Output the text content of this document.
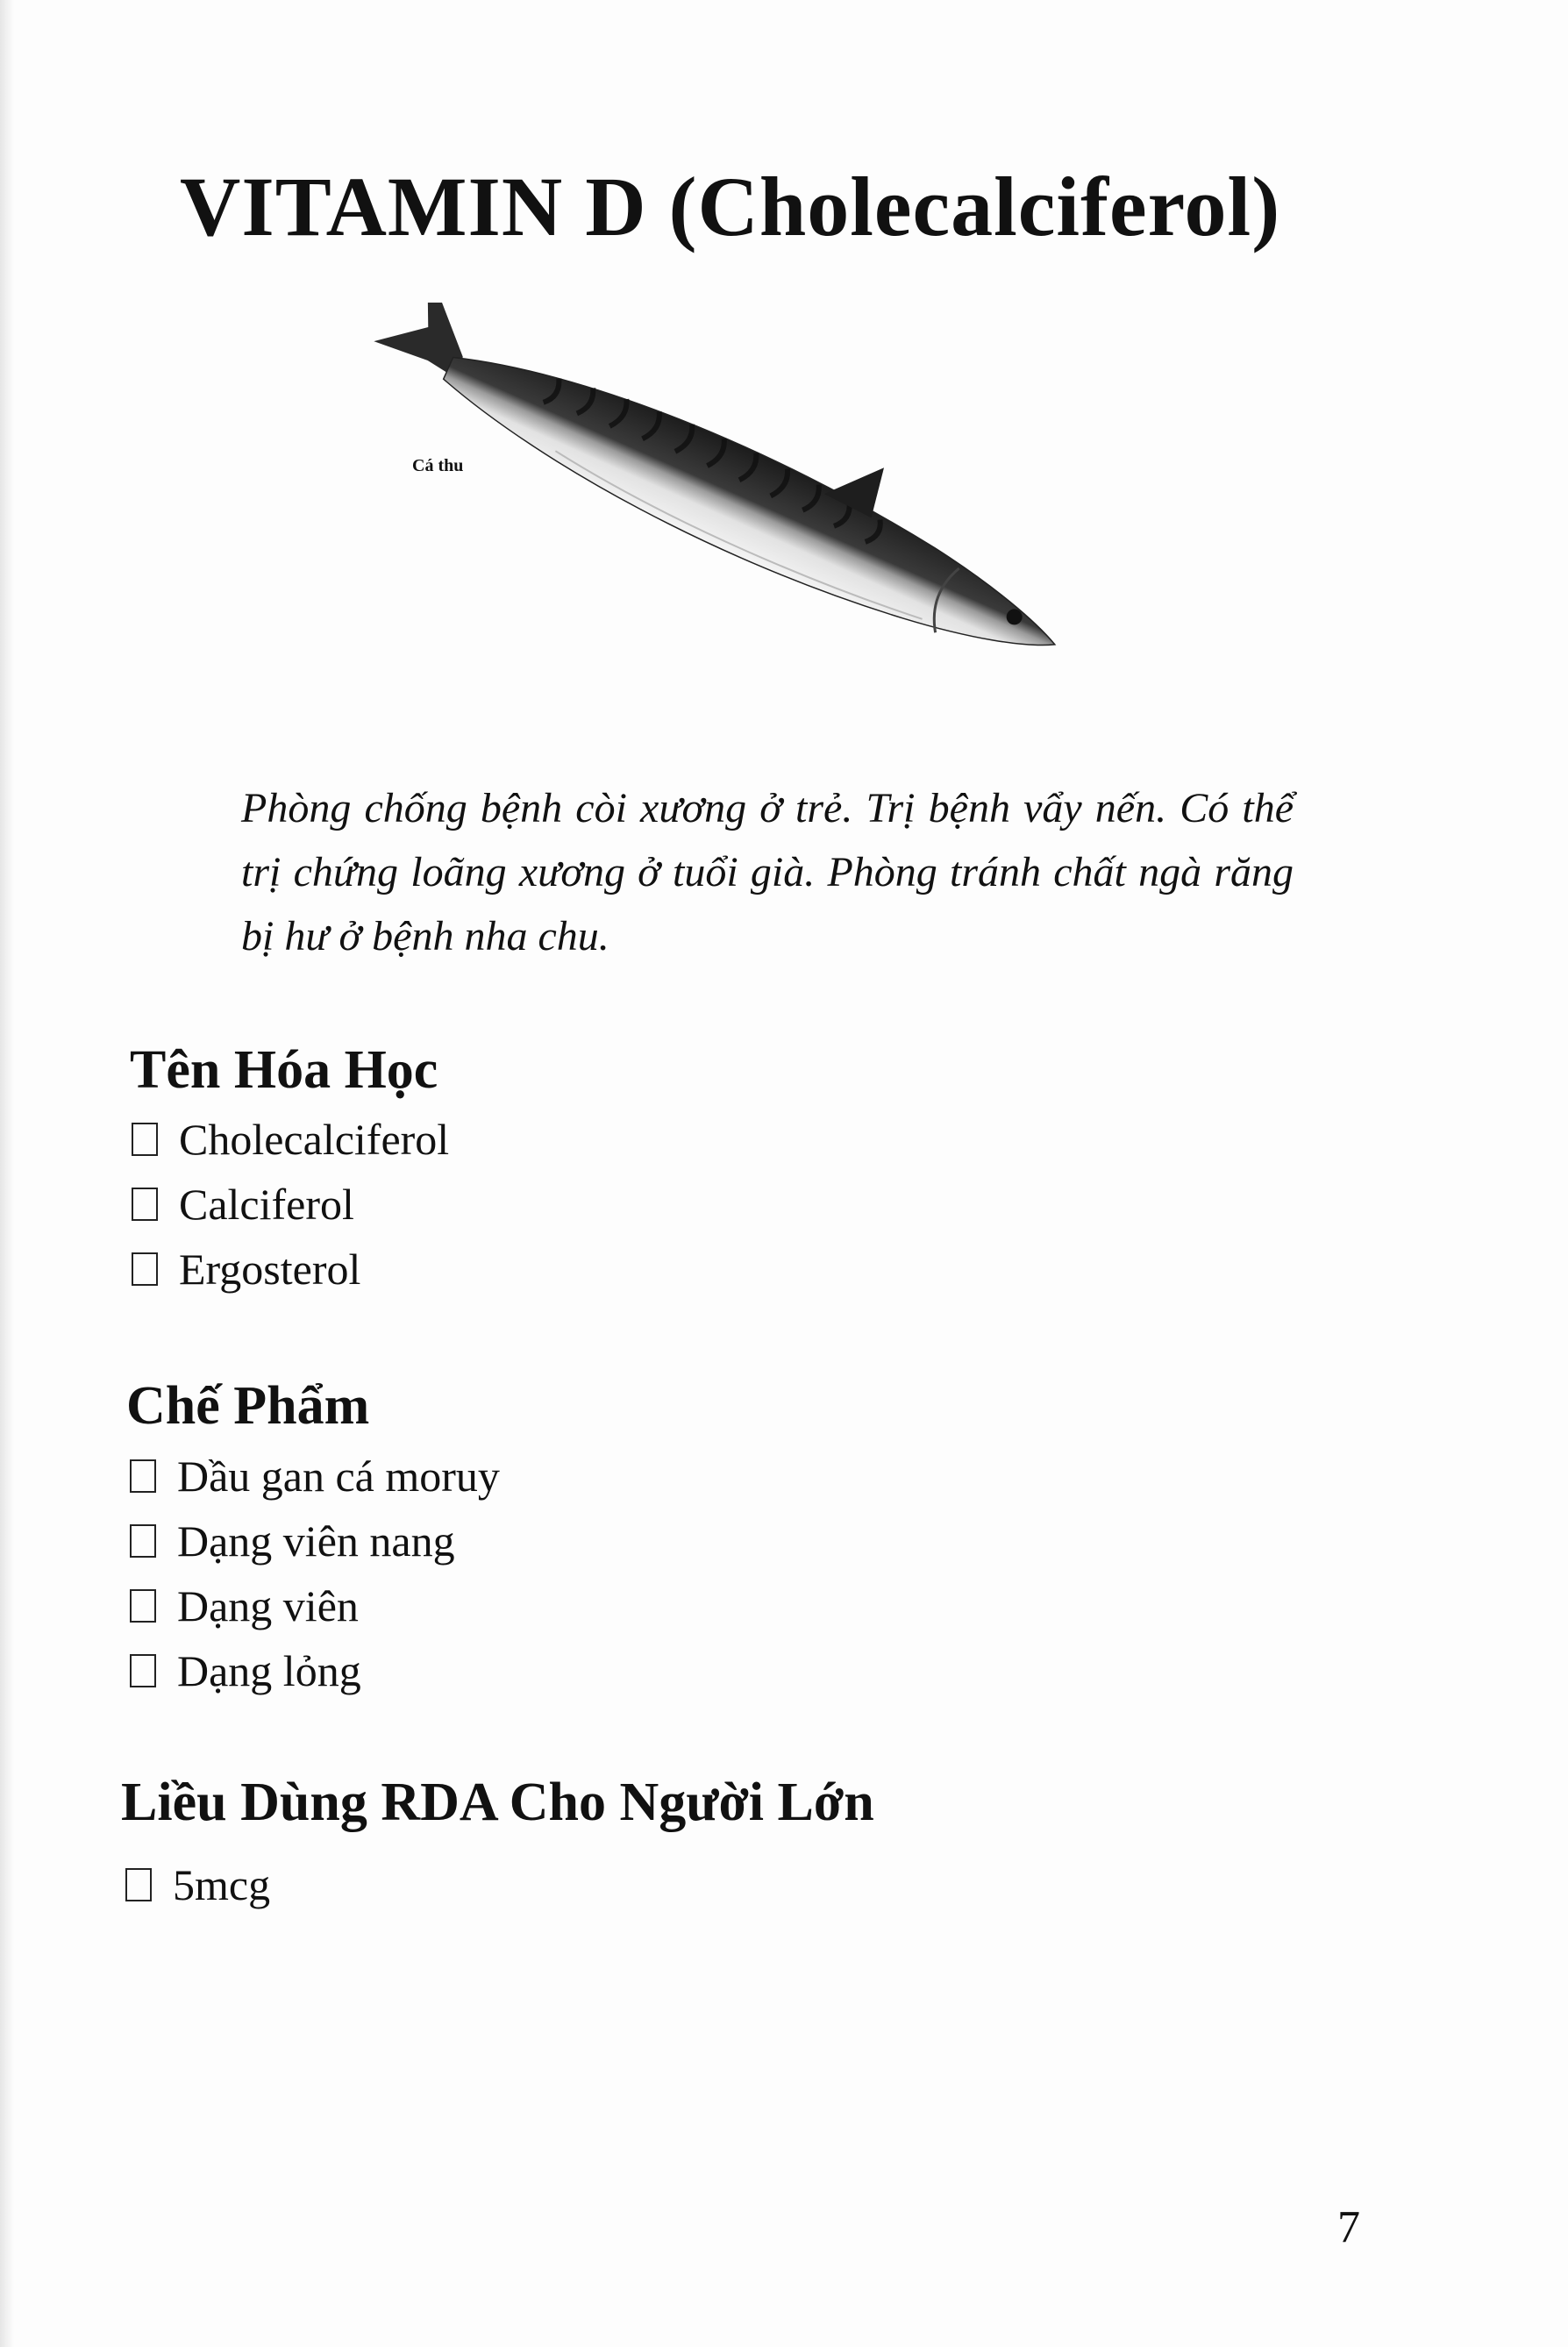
VITAMIN D (Cholecalciferol)
Cá thu

Phòng chống bệnh còi xương ở trẻ. Trị bệnh vẩy nến. Có thể trị chứng loãng xương ở tuổi già. Phòng tránh chất ngà răng bị hư ở bệnh nha chu.

Tên Hóa Học
Cholecalciferol
Calciferol
Ergosterol
Chế Phẩm
Dầu gan cá moruy
Dạng viên nang
Dạng viên
Dạng lỏng
Liều Dùng RDA Cho Người Lớn
5mcg
7
